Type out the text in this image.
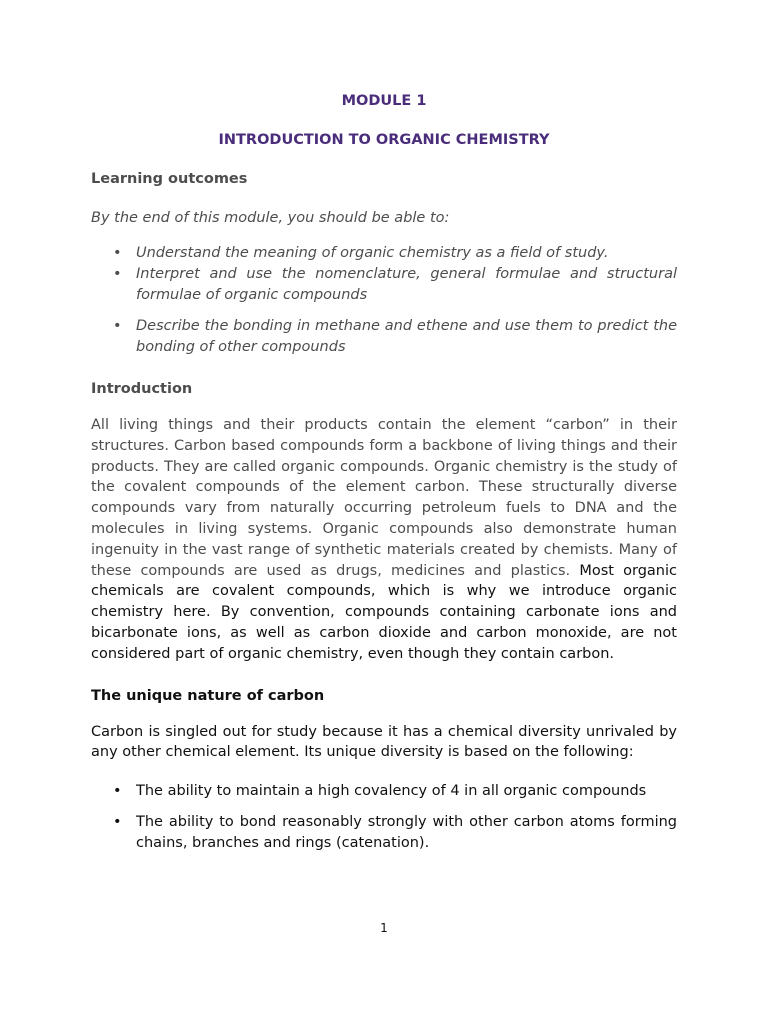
MODULE 1

INTRODUCTION TO ORGANIC CHEMISTRY

Learning outcomes

By the end of this module, you should be able to:

• Understand the meaning of organic chemistry as a field of study.
• Interpret and use the nomenclature, general formulae and structural formulae of organic compounds
• Describe the bonding in methane and ethene and use them to predict the bonding of other compounds

Introduction

All living things and their products contain the element “carbon” in their structures. Carbon based compounds form a backbone of living things and their products. They are called organic compounds. Organic chemistry is the study of the covalent compounds of the element carbon. These structurally diverse compounds vary from naturally occurring petroleum fuels to DNA and the molecules in living systems. Organic compounds also demonstrate human ingenuity in the vast range of synthetic materials created by chemists. Many of these compounds are used as drugs, medicines and plastics. Most organic chemicals are covalent compounds, which is why we introduce organic chemistry here. By convention, compounds containing carbonate ions and bicarbonate ions, as well as carbon dioxide and carbon monoxide, are not considered part of organic chemistry, even though they contain carbon.

The unique nature of carbon

Carbon is singled out for study because it has a chemical diversity unrivaled by any other chemical element. Its unique diversity is based on the following:

• The ability to maintain a high covalency of 4 in all organic compounds
• The ability to bond reasonably strongly with other carbon atoms forming chains, branches and rings (catenation).
1
